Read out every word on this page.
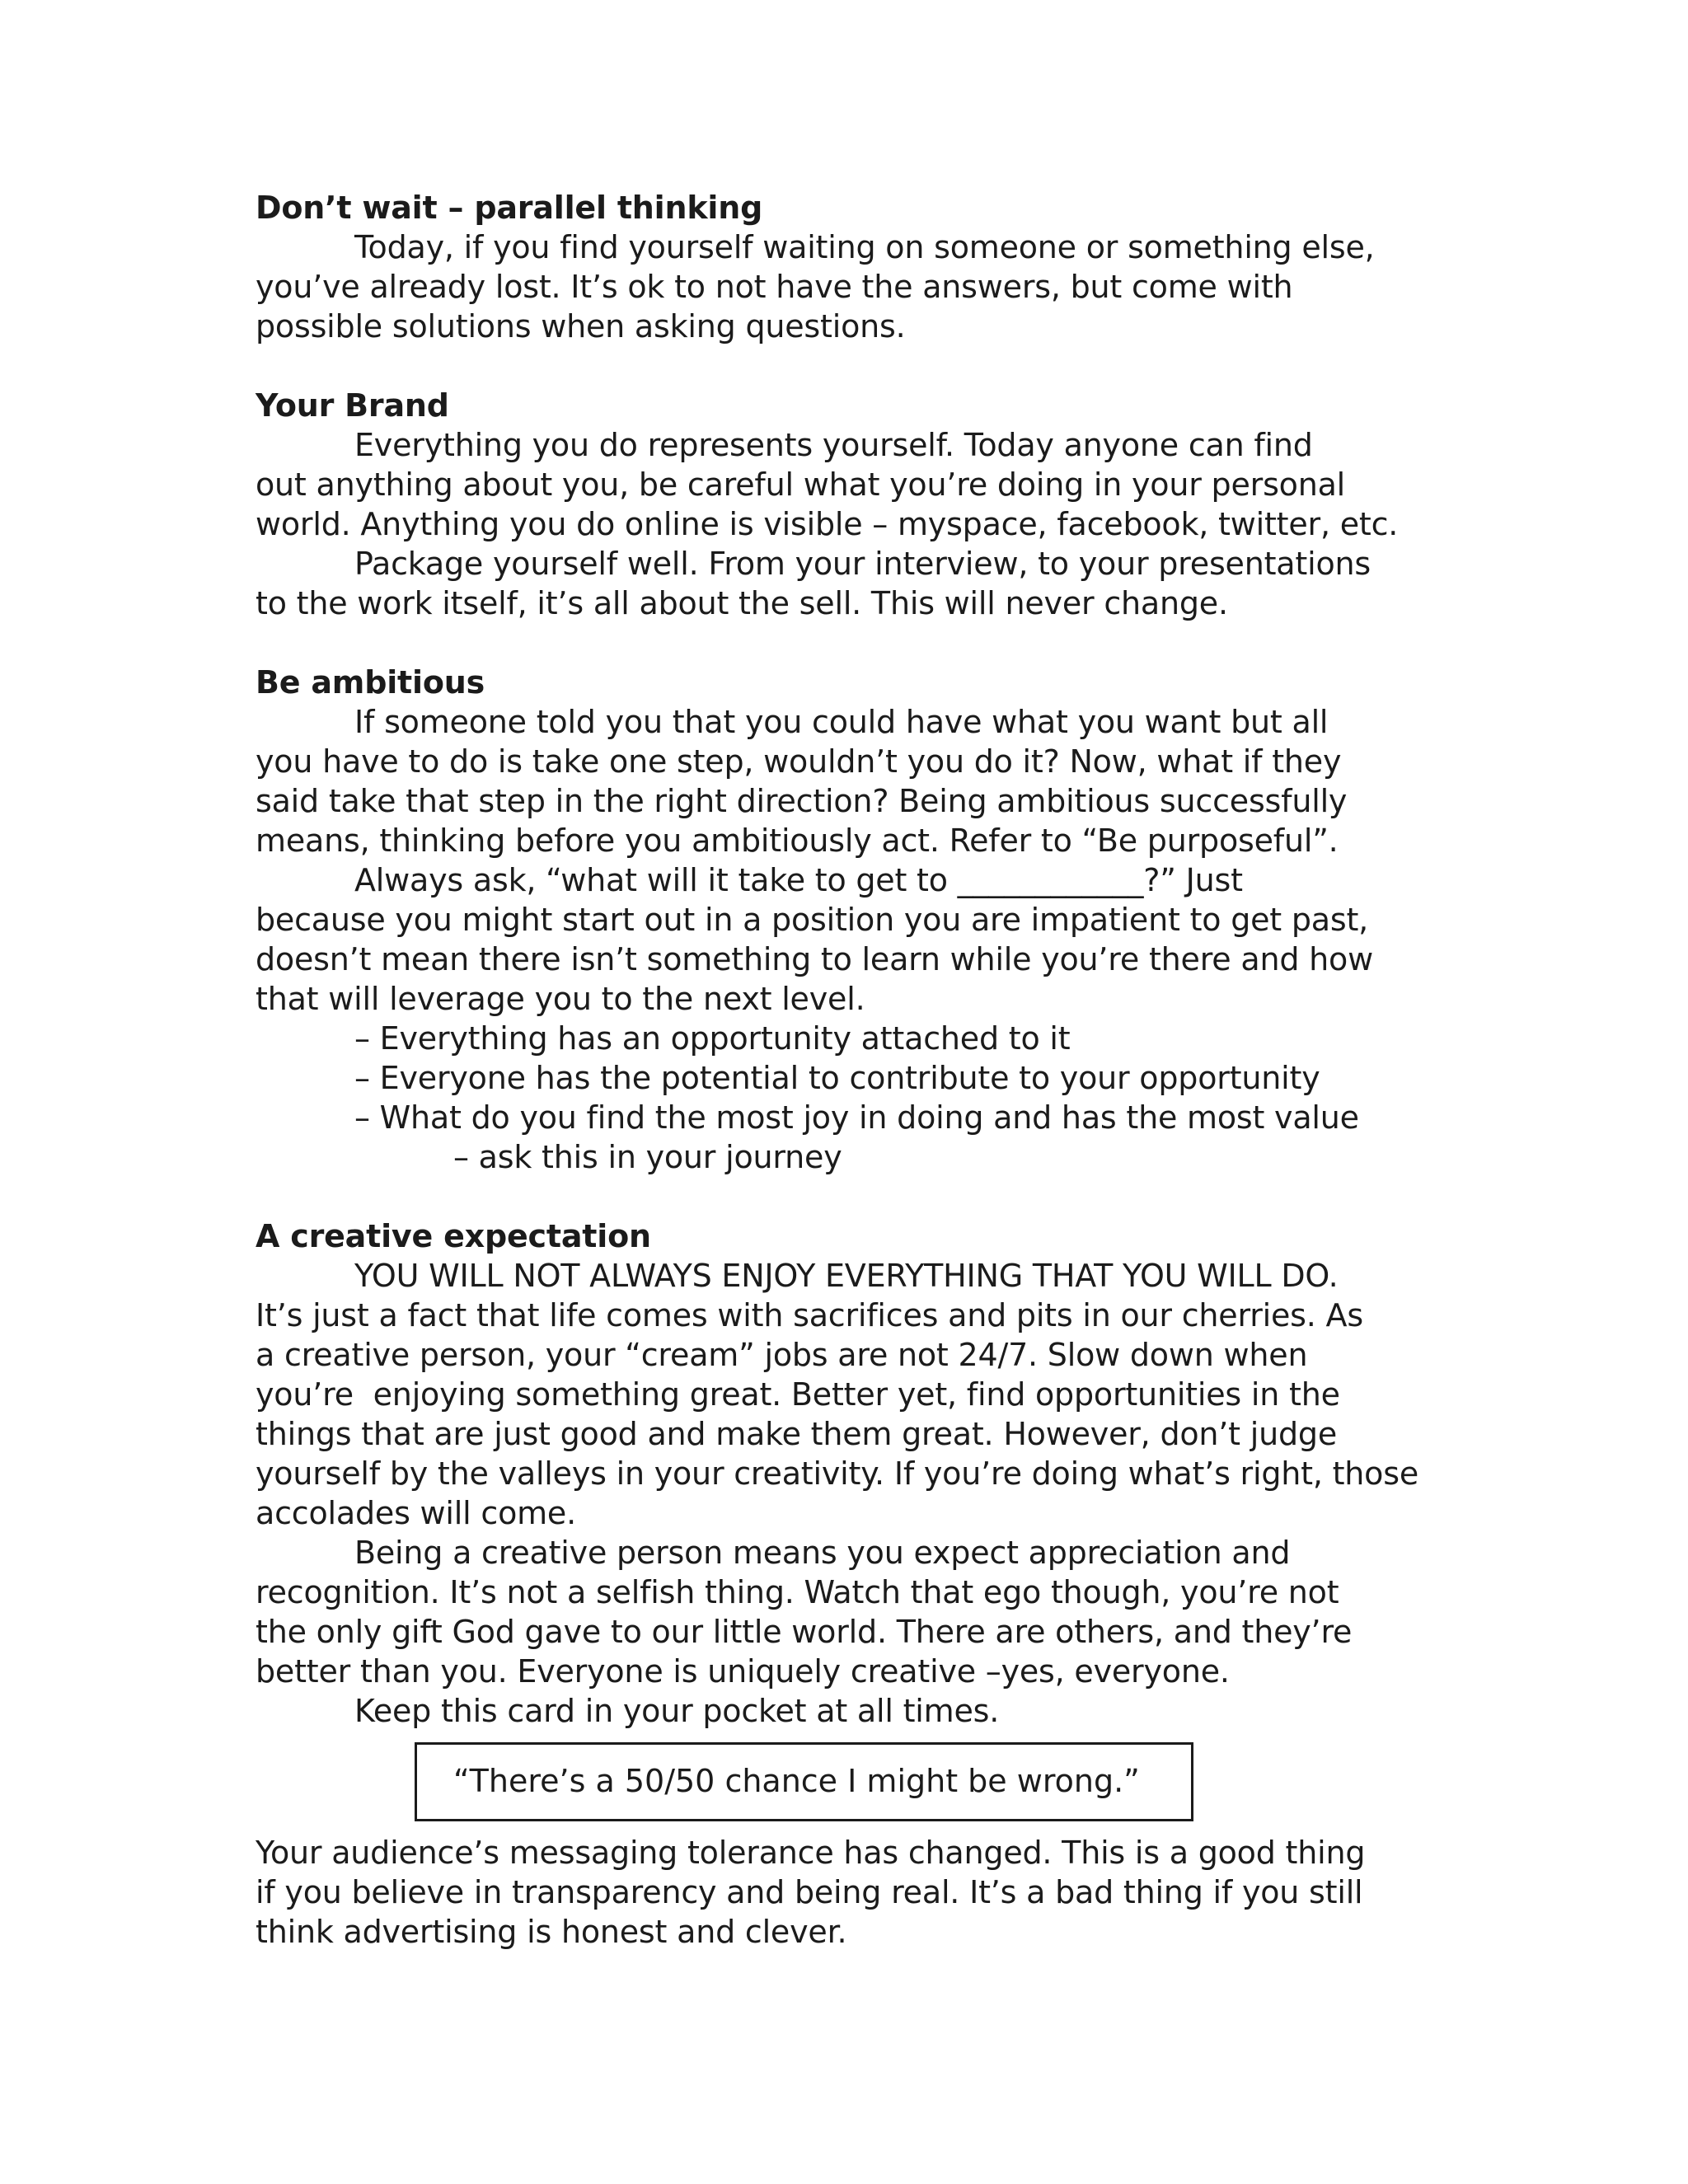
Don’t wait – parallel thinking
Today, if you find yourself waiting on someone or something else,
you’ve already lost. It’s ok to not have the answers, but come with
possible solutions when asking questions.
Your Brand
Everything you do represents yourself. Today anyone can find
out anything about you, be careful what you’re doing in your personal
world. Anything you do online is visible – myspace, facebook, twitter, etc.
Package yourself well. From your interview, to your presentations
to the work itself, it’s all about the sell. This will never change.
Be ambitious
If someone told you that you could have what you want but all
you have to do is take one step, wouldn’t you do it? Now, what if they
said take that step in the right direction? Being ambitious successfully
means, thinking before you ambitiously act. Refer to “Be purposeful”.
Always ask, “what will it take to get to ____________?” Just
because you might start out in a position you are impatient to get past,
doesn’t mean there isn’t something to learn while you’re there and how
that will leverage you to the next level.
– Everything has an opportunity attached to it
– Everyone has the potential to contribute to your opportunity
– What do you find the most joy in doing and has the most value
– ask this in your journey
A creative expectation
YOU WILL NOT ALWAYS ENJOY EVERYTHING THAT YOU WILL DO.
It’s just a fact that life comes with sacrifices and pits in our cherries. As
a creative person, your “cream” jobs are not 24/7. Slow down when
you’re  enjoying something great. Better yet, find opportunities in the
things that are just good and make them great. However, don’t judge
yourself by the valleys in your creativity. If you’re doing what’s right, those
accolades will come.
Being a creative person means you expect appreciation and
recognition. It’s not a selfish thing. Watch that ego though, you’re not
the only gift God gave to our little world. There are others, and they’re
better than you. Everyone is uniquely creative –yes, everyone.
Keep this card in your pocket at all times.
“There’s a 50/50 chance I might be wrong.”
Your audience’s messaging tolerance has changed. This is a good thing
if you believe in transparency and being real. It’s a bad thing if you still
think advertising is honest and clever.
